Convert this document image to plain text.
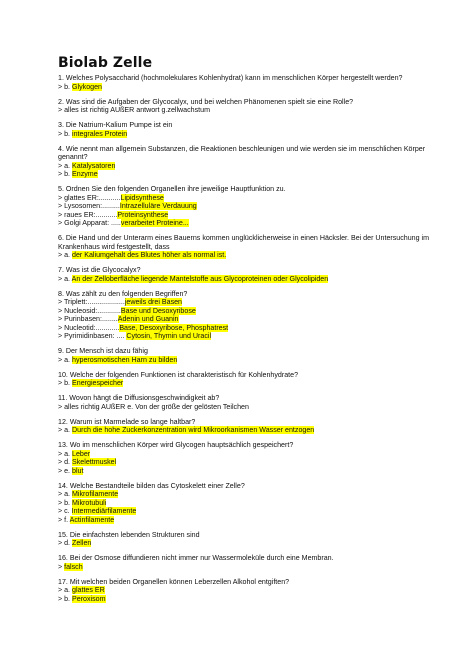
Biolab Zelle
1. Welches Polysaccharid (hochmolekulares Kohlenhydrat) kann im menschlichen Körper hergestellt werden?
> b. Glykogen
2. Was sind die Aufgaben der Glycocalyx, und bei welchen Phänomenen spielt sie eine Rolle?
> alles ist richtig AUßER antwort g.zellwachstum
3. Die Natrium-Kalium Pumpe ist ein
> b. integrales Protein
4. Wie nennt man allgemein Substanzen, die Reaktionen beschleunigen und wie werden sie im menschlichen Körper
genannt?
> a. Katalysatoren
> b. Enzyme
5. Ordnen Sie den folgenden Organellen ihre jeweilige Hauptfunktion zu.
> glattes ER:...........Lipidsynthese
> Lysosomen:.........Intrazelluläre Verdauung
> raues ER:...........Proteinsynthese
> Golgi Apparat: .....verarbeitet Proteine...
6. Die Hand und der Unterarm eines Bauerns kommen unglücklicherweise in einen Häcksler. Bei der Untersuchung im
Krankenhaus wird festgestellt, dass
> a. der Kaliumgehalt des Blutes höher als normal ist.
7. Was ist die Glycocalyx?
> a. An der Zelloberfläche liegende Mantelstoffe aus Glycoproteinen oder Glycolipiden
8. Was zählt zu den folgenden Begriffen?
> Triplett:...................jeweils drei Basen
> Nucleosid:............Base und Desoxyribose
> Purinbasen:........Adenin und Guanin
> Nucleotid:............Base, Desoxyribose, Phosphatrest
> Pyrimidinbasen: .... Cytosin, Thymin und Uracil
9. Der Mensch ist dazu fähig
> a. hyperosmotischen Harn zu bilden
10. Welche der folgenden Funktionen ist charakteristisch für Kohlenhydrate?
> b. Energiespeicher
11. Wovon hängt die Diffusionsgeschwindigkeit ab?
> alles richtig AUßER e. Von der größe der gelösten Teilchen
12. Warum ist Marmelade so lange haltbar?
> a. Durch die hohe Zuckerkonzentration wird Mikroorkanismen Wasser entzogen
13. Wo im menschlichen Körper wird Glycogen hauptsächlich gespeichert?
> a. Leber
> d. Skelettmuskel
> e. blut
14. Welche Bestandteile bilden das Cytoskelett einer Zelle?
> a. Mikrofilamente
> b. Mikrotubuli
> c. Intermediärfilamente
> f. Actinfilamente
15. Die einfachsten lebenden Strukturen sind
> d. Zellen
16. Bei der Osmose diffundieren nicht immer nur Wassermoleküle durch eine Membran.
> falsch
17. Mit welchen beiden Organellen können Leberzellen Alkohol entgiften?
> a. glattes ER
> b. Peroxisom
